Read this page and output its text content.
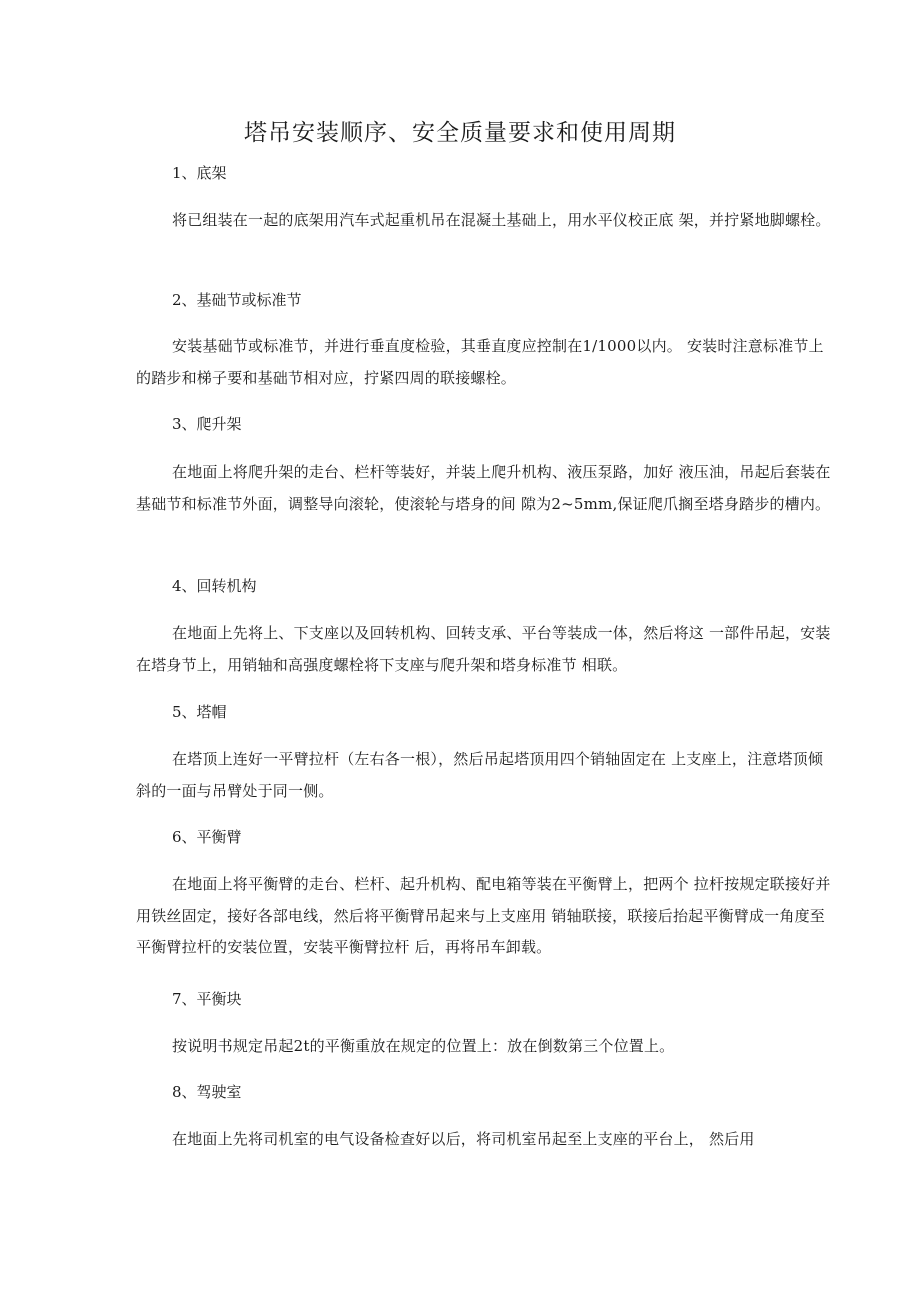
塔吊安装顺序、安全质量要求和使用周期

1、底架

将已组装在一起的底架用汽车式起重机吊在混凝土基础上，用水平仪校正底 架，并拧紧地脚螺栓。

2、基础节或标准节

安装基础节或标准节，并进行垂直度检验，其垂直度应控制在1/1000以内。 安装时注意标准节上的踏步和梯子要和基础节相对应，拧紧四周的联接螺栓。

3、爬升架

在地面上将爬升架的走台、栏杆等装好，并装上爬升机构、液压泵路，加好 液压油，吊起后套装在基础节和标准节外面，调整导向滚轮，使滚轮与塔身的间 隙为2~5mm,保证爬爪搁至塔身踏步的槽内。

4、回转机构

在地面上先将上、下支座以及回转机构、回转支承、平台等装成一体，然后将这 一部件吊起，安装在塔身节上，用销轴和高强度螺栓将下支座与爬升架和塔身标准节 相联。

5、塔帽

在塔顶上连好一平臂拉杆（左右各一根），然后吊起塔顶用四个销轴固定在 上支座上，注意塔顶倾斜的一面与吊臂处于同一侧。

6、平衡臂

在地面上将平衡臂的走台、栏杆、起升机构、配电箱等装在平衡臂上，把两个 拉杆按规定联接好并用铁丝固定，接好各部电线，然后将平衡臂吊起来与上支座用 销轴联接，联接后抬起平衡臂成一角度至平衡臂拉杆的安装位置，安装平衡臂拉杆 后，再将吊车卸载。

7、平衡块

按说明书规定吊起2t的平衡重放在规定的位置上：放在倒数第三个位置上。

8、驾驶室

在地面上先将司机室的电气设备检查好以后，将司机室吊起至上支座的平台上， 然后用
